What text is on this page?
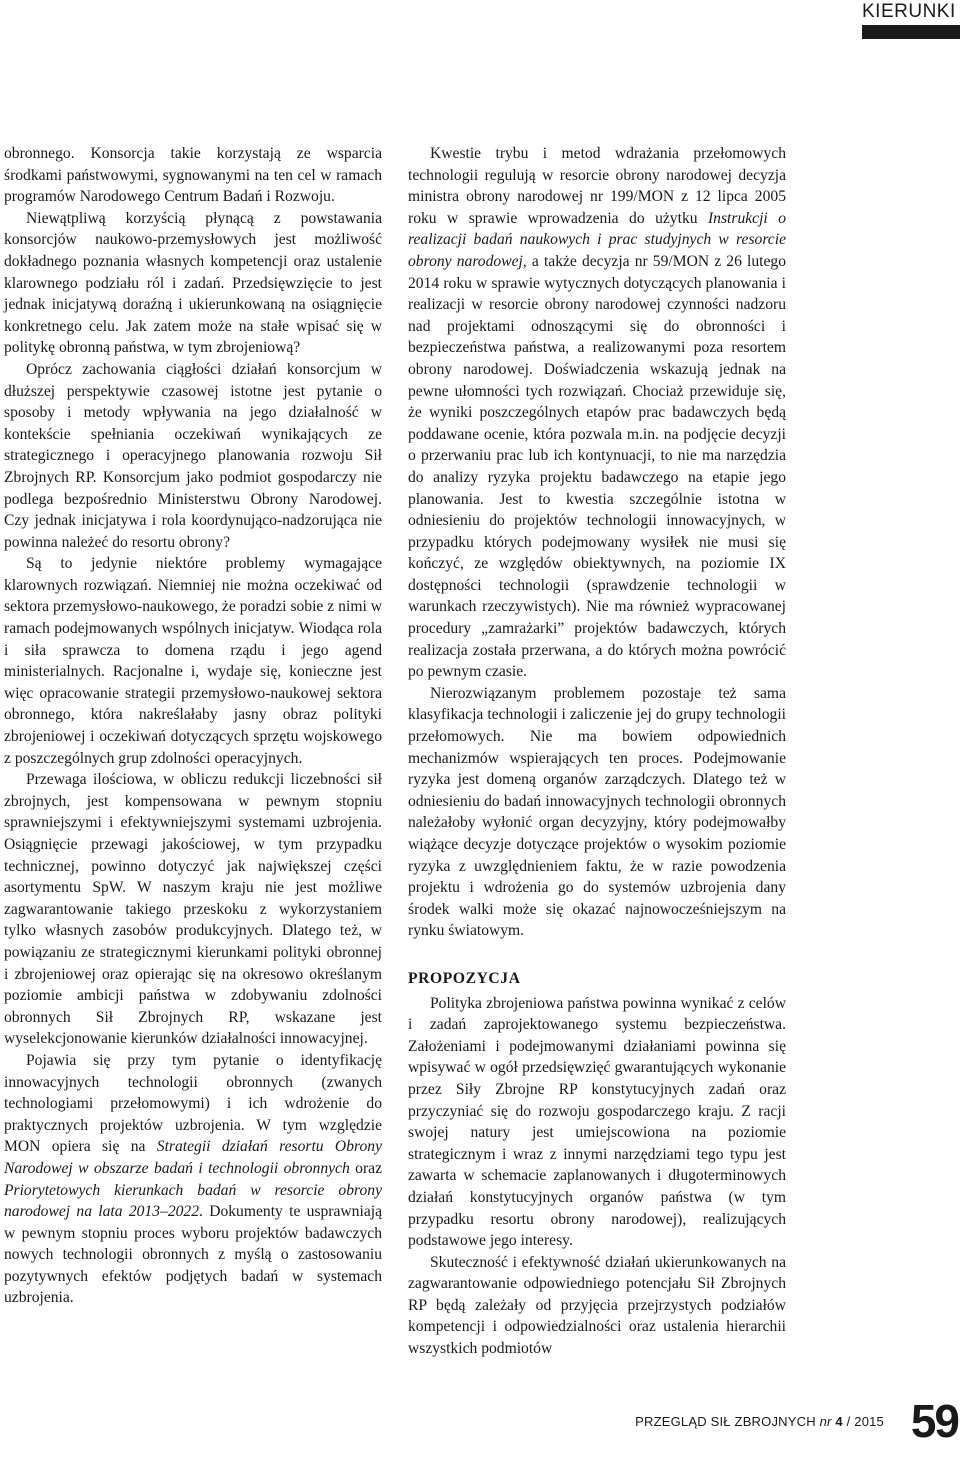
KIERUNKI

obronnego. Konsorcja takie korzystają ze wsparcia środkami państwowymi, sygnowanymi na ten cel w ramach programów Narodowego Centrum Badań i Rozwoju.

Niewątpliwą korzyścią płynącą z powstawania konsorcjów naukowo-przemysłowych jest możliwość dokładnego poznania własnych kompetencji oraz ustalenie klarownego podziału ról i zadań. Przedsięwzięcie to jest jednak inicjatywą doraźną i ukierunkowaną na osiągnięcie konkretnego celu. Jak zatem może na stałe wpisać się w politykę obronną państwa, w tym zbrojeniową?

Oprócz zachowania ciągłości działań konsorcjum w dłuższej perspektywie czasowej istotne jest pytanie o sposoby i metody wpływania na jego działalność w kontekście spełniania oczekiwań wynikających ze strategicznego i operacyjnego planowania rozwoju Sił Zbrojnych RP. Konsorcjum jako podmiot gospodarczy nie podlega bezpośrednio Ministerstwu Obrony Narodowej. Czy jednak inicjatywa i rola koordynująco-nadzorująca nie powinna należeć do resortu obrony?

Są to jedynie niektóre problemy wymagające klarownych rozwiązań. Niemniej nie można oczekiwać od sektora przemysłowo-naukowego, że poradzi sobie z nimi w ramach podejmowanych wspólnych inicjatyw. Wiodąca rola i siła sprawcza to domena rządu i jego agend ministerialnych. Racjonalne i, wydaje się, konieczne jest więc opracowanie strategii przemysłowo-naukowej sektora obronnego, która nakreślałaby jasny obraz polityki zbrojeniowej i oczekiwań dotyczących sprzętu wojskowego z poszczególnych grup zdolności operacyjnych.

Przewaga ilościowa, w obliczu redukcji liczebności sił zbrojnych, jest kompensowana w pewnym stopniu sprawniejszymi i efektywniejszymi systemami uzbrojenia. Osiągnięcie przewagi jakościowej, w tym przypadku technicznej, powinno dotyczyć jak największej części asortymentu SpW. W naszym kraju nie jest możliwe zagwarantowanie takiego przeskoku z wykorzystaniem tylko własnych zasobów produkcyjnych. Dlatego też, w powiązaniu ze strategicznymi kierunkami polityki obronnej i zbrojeniowej oraz opierając się na okresowo określanym poziomie ambicji państwa w zdobywaniu zdolności obronnych Sił Zbrojnych RP, wskazane jest wyselekcjonowanie kierunków działalności innowacyjnej.

Pojawia się przy tym pytanie o identyfikację innowacyjnych technologii obronnych (zwanych technologiami przełomowymi) i ich wdrożenie do praktycznych projektów uzbrojenia. W tym względzie MON opiera się na Strategii działań resortu Obrony Narodowej w obszarze badań i technologii obronnych oraz Priorytetowych kierunkach badań w resorcie obrony narodowej na lata 2013–2022. Dokumenty te usprawniają w pewnym stopniu proces wyboru projektów badawczych nowych technologii obronnych z myślą o zastosowaniu pozytywnych efektów podjętych badań w systemach uzbrojenia.

Kwestie trybu i metod wdrażania przełomowych technologii regulują w resorcie obrony narodowej decyzja ministra obrony narodowej nr 199/MON z 12 lipca 2005 roku w sprawie wprowadzenia do użytku Instrukcji o realizacji badań naukowych i prac studyjnych w resorcie obrony narodowej, a także decyzja nr 59/MON z 26 lutego 2014 roku w sprawie wytycznych dotyczących planowania i realizacji w resorcie obrony narodowej czynności nadzoru nad projektami odnoszącymi się do obronności i bezpieczeństwa państwa, a realizowanymi poza resortem obrony narodowej. Doświadczenia wskazują jednak na pewne ułomności tych rozwiązań. Chociaż przewiduje się, że wyniki poszczególnych etapów prac badawczych będą poddawane ocenie, która pozwala m.in. na podjęcie decyzji o przerwaniu prac lub ich kontynuacji, to nie ma narzędzia do analizy ryzyka projektu badawczego na etapie jego planowania. Jest to kwestia szczególnie istotna w odniesieniu do projektów technologii innowacyjnych, w przypadku których podejmowany wysiłek nie musi się kończyć, ze względów obiektywnych, na poziomie IX dostępności technologii (sprawdzenie technologii w warunkach rzeczywistych). Nie ma również wypracowanej procedury „zamrażarki” projektów badawczych, których realizacja została przerwana, a do których można powrócić po pewnym czasie.

Nierozwiązanym problemem pozostaje też sama klasyfikacja technologii i zaliczenie jej do grupy technologii przełomowych. Nie ma bowiem odpowiednich mechanizmów wspierających ten proces. Podejmowanie ryzyka jest domeną organów zarządczych. Dlatego też w odniesieniu do badań innowacyjnych technologii obronnych należałoby wyłonić organ decyzyjny, który podejmowałby wiążące decyzje dotyczące projektów o wysokim poziomie ryzyka z uwzględnieniem faktu, że w razie powodzenia projektu i wdrożenia go do systemów uzbrojenia dany środek walki może się okazać najnowocześniejszym na rynku światowym.

PROPOZYCJA

Polityka zbrojeniowa państwa powinna wynikać z celów i zadań zaprojektowanego systemu bezpieczeństwa. Założeniami i podejmowanymi działaniami powinna się wpisywać w ogół przedsięwzięć gwarantujących wykonanie przez Siły Zbrojne RP konstytucyjnych zadań oraz przyczyniać się do rozwoju gospodarczego kraju. Z racji swojej natury jest umiejscowiona na poziomie strategicznym i wraz z innymi narzędziami tego typu jest zawarta w schemacie zaplanowanych i długoterminowych działań konstytucyjnych organów państwa (w tym przypadku resortu obrony narodowej), realizujących podstawowe jego interesy.

Skuteczność i efektywność działań ukierunkowanych na zagwarantowanie odpowiedniego potencjału Sił Zbrojnych RP będą zależały od przyjęcia przejrzystych podziałów kompetencji i odpowiedzialności oraz ustalenia hierarchii wszystkich podmiotów

PRZEGLĄD SIŁ ZBROJNYCH nr 4 / 2015 59
